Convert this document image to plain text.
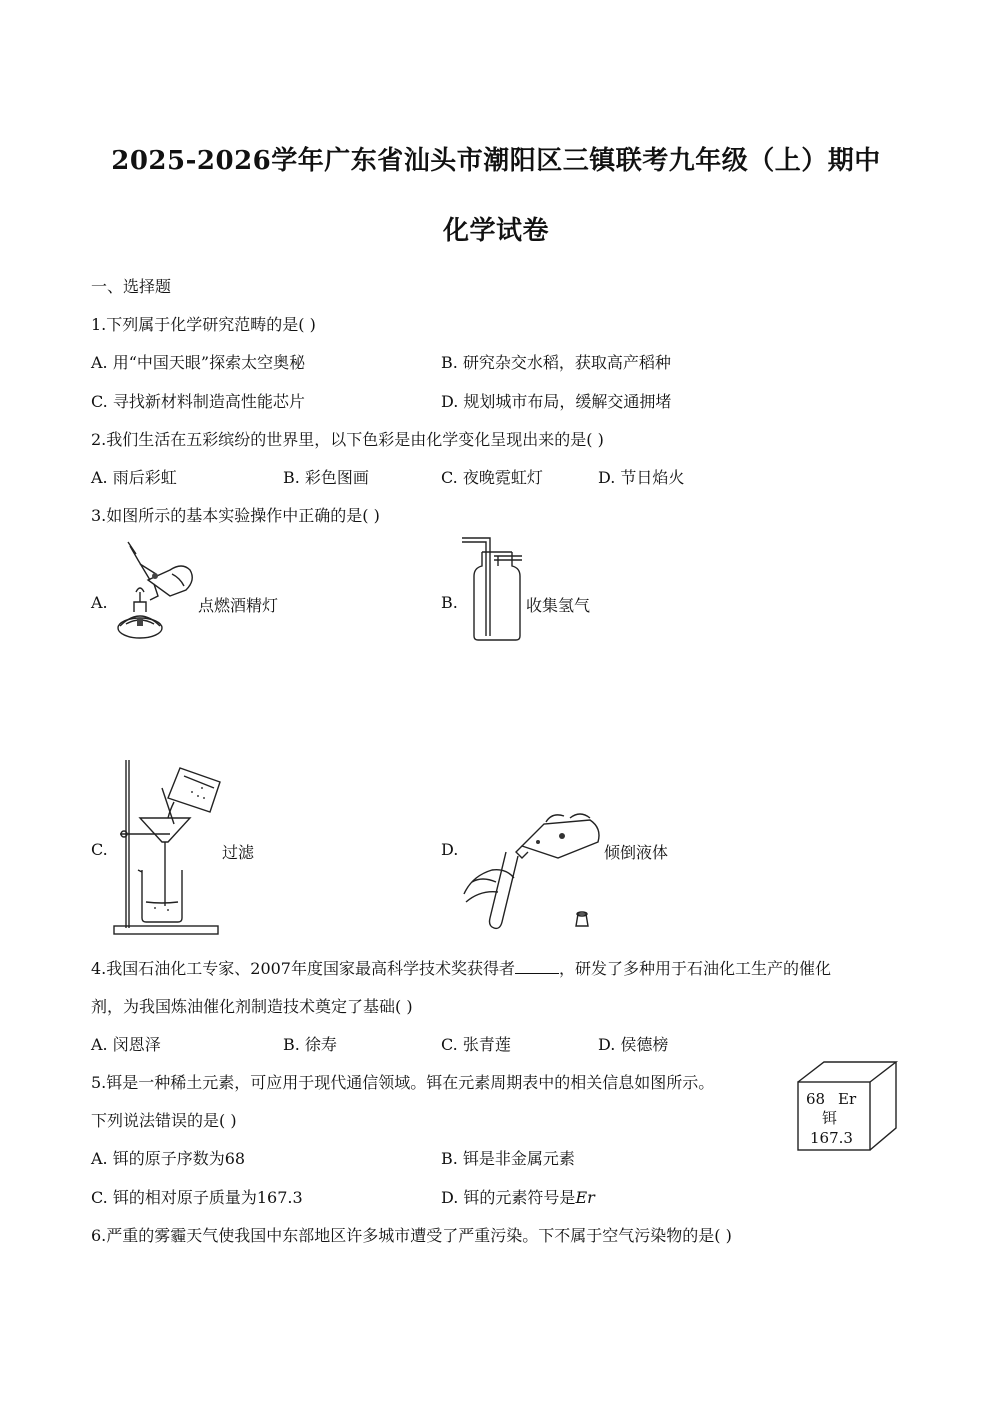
2025-2026学年广东省汕头市潮阳区三镇联考九年级（上）期中
化学试卷
一、选择题
1.下列属于化学研究范畴的是( )
A. 用“中国天眼”探索太空奥秘	B. 研究杂交水稻，获取高产稻种
C. 寻找新材料制造高性能芯片	D. 规划城市布局，缓解交通拥堵
2.我们生活在五彩缤纷的世界里，以下色彩是由化学变化呈现出来的是( )
A. 雨后彩虹	B. 彩色图画	C. 夜晚霓虹灯	D. 节日焰火
3.如图所示的基本实验操作中正确的是( )
A.	点燃酒精灯	B.	收集氢气
C.	过滤	D.	倾倒液体
4.我国石油化工专家、2007年度国家最高科学技术奖获得者	，研发了多种用于石油化工生产的催化
剂，为我国炼油催化剂制造技术奠定了基础( )
A. 闵恩泽	B. 徐寿	C. 张青莲	D. 侯德榜
5.铒是一种稀土元素，可应用于现代通信领域。铒在元素周期表中的相关信息如图所示。
下列说法错误的是( )
68 Er
铒
167.3
A. 铒的原子序数为68	B. 铒是非金属元素
C. 铒的相对原子质量为167.3	D. 铒的元素符号是Er
6.严重的雾霾天气使我国中东部地区许多城市遭受了严重污染。下不属于空气污染物的是( )
